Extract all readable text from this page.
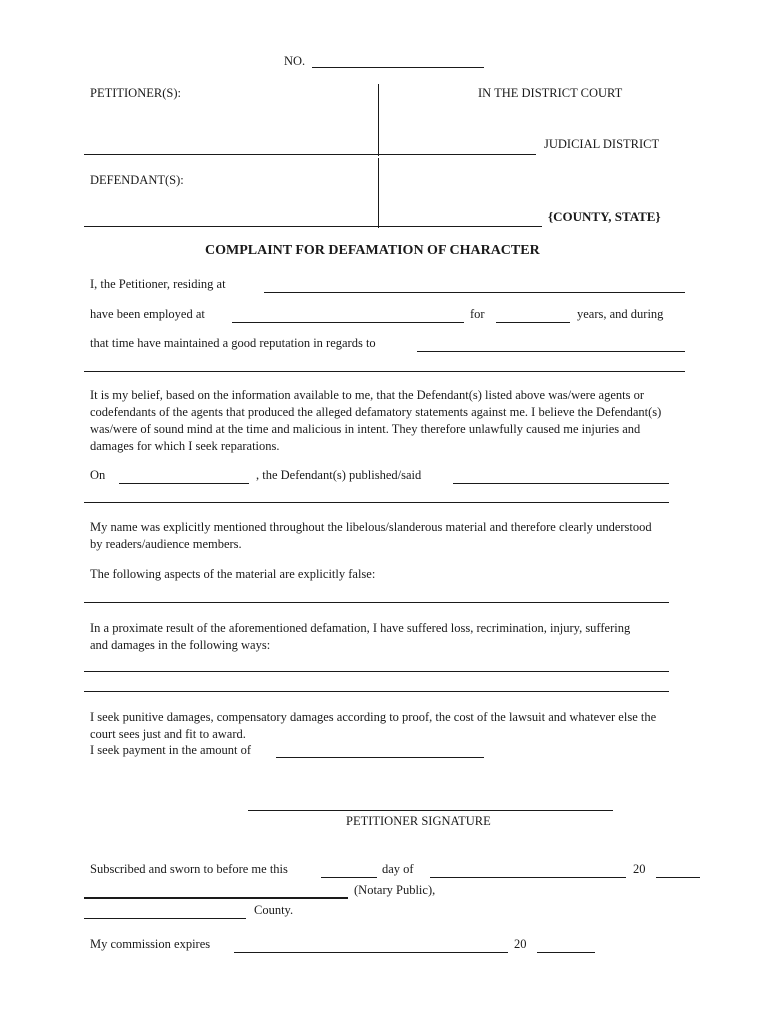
NO.
PETITIONER(S):	IN THE DISTRICT COURT
JUDICIAL DISTRICT
DEFENDANT(S):
{COUNTY, STATE}
COMPLAINT FOR DEFAMATION OF CHARACTER
I, the Petitioner, residing at
have been employed at	for	years, and during
that time have maintained a good reputation in regards to
It is my belief, based on the information available to me, that the Defendant(s) listed above was/were agents or codefendants of the agents that produced the alleged defamatory statements against me. I believe the Defendant(s) was/were of sound mind at the time and malicious in intent. They therefore unlawfully caused me injuries and damages for which I seek reparations.
On	, the Defendant(s) published/said
My name was explicitly mentioned throughout the libelous/slanderous material and therefore clearly understood by readers/audience members.
The following aspects of the material are explicitly false:
In a proximate result of the aforementioned defamation, I have suffered loss, recrimination, injury, suffering and damages in the following ways:
I seek punitive damages, compensatory damages according to proof, the cost of the lawsuit and whatever else the court sees just and fit to award.
I seek payment in the amount of
PETITIONER SIGNATURE
Subscribed and sworn to before me this	day of	20
(Notary Public),
County.
My commission expires	20
